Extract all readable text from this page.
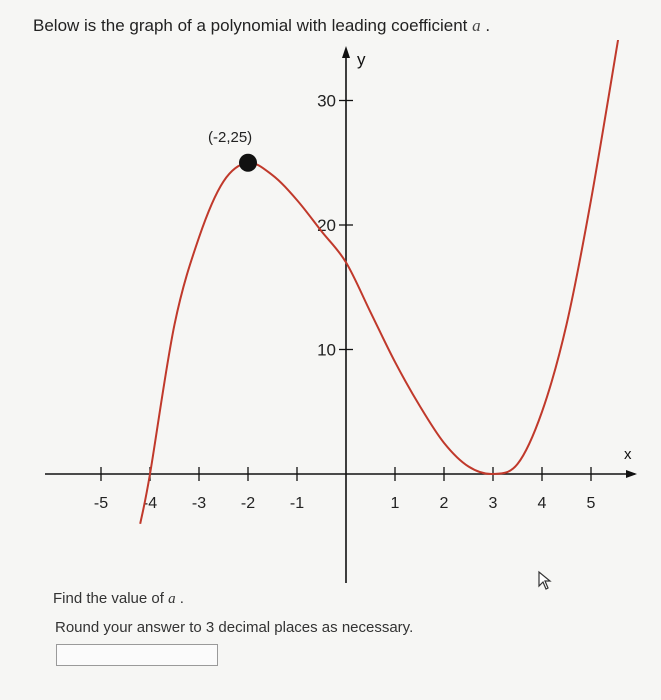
Below is the graph of a polynomial with leading coefficient a .
x
y
-5 -4 -3 -2 -1	1	2	3	4	5
10
20
30
(-2,25)
Find the value of a .
Round your answer to 3 decimal places as necessary.
